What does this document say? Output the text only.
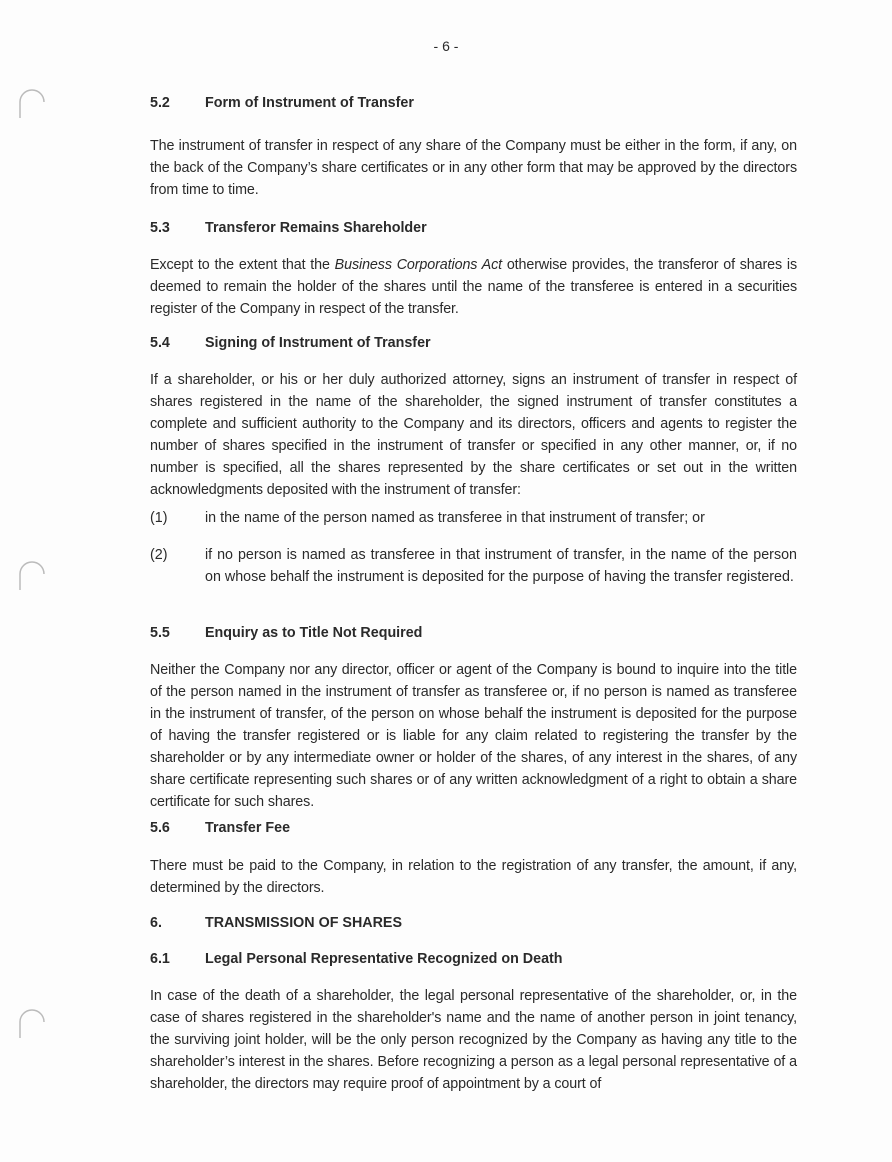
- 6 -
5.2 Form of Instrument of Transfer
The instrument of transfer in respect of any share of the Company must be either in the form, if any, on the back of the Company’s share certificates or in any other form that may be approved by the directors from time to time.
5.3 Transferor Remains Shareholder
Except to the extent that the Business Corporations Act otherwise provides, the transferor of shares is deemed to remain the holder of the shares until the name of the transferee is entered in a securities register of the Company in respect of the transfer.
5.4 Signing of Instrument of Transfer
If a shareholder, or his or her duly authorized attorney, signs an instrument of transfer in respect of shares registered in the name of the shareholder, the signed instrument of transfer constitutes a complete and sufficient authority to the Company and its directors, officers and agents to register the number of shares specified in the instrument of transfer or specified in any other manner, or, if no number is specified, all the shares represented by the share certificates or set out in the written acknowledgments deposited with the instrument of transfer:
(1)	in the name of the person named as transferee in that instrument of transfer; or
(2)	if no person is named as transferee in that instrument of transfer, in the name of the person on whose behalf the instrument is deposited for the purpose of having the transfer registered.
5.5 Enquiry as to Title Not Required
Neither the Company nor any director, officer or agent of the Company is bound to inquire into the title of the person named in the instrument of transfer as transferee or, if no person is named as transferee in the instrument of transfer, of the person on whose behalf the instrument is deposited for the purpose of having the transfer registered or is liable for any claim related to registering the transfer by the shareholder or by any intermediate owner or holder of the shares, of any interest in the shares, of any share certificate representing such shares or of any written acknowledgment of a right to obtain a share certificate for such shares.
5.6 Transfer Fee
There must be paid to the Company, in relation to the registration of any transfer, the amount, if any, determined by the directors.
6.	TRANSMISSION OF SHARES
6.1 Legal Personal Representative Recognized on Death
In case of the death of a shareholder, the legal personal representative of the shareholder, or, in the case of shares registered in the shareholder's name and the name of another person in joint tenancy, the surviving joint holder, will be the only person recognized by the Company as having any title to the shareholder’s interest in the shares. Before recognizing a person as a legal personal representative of a shareholder, the directors may require proof of appointment by a court of
